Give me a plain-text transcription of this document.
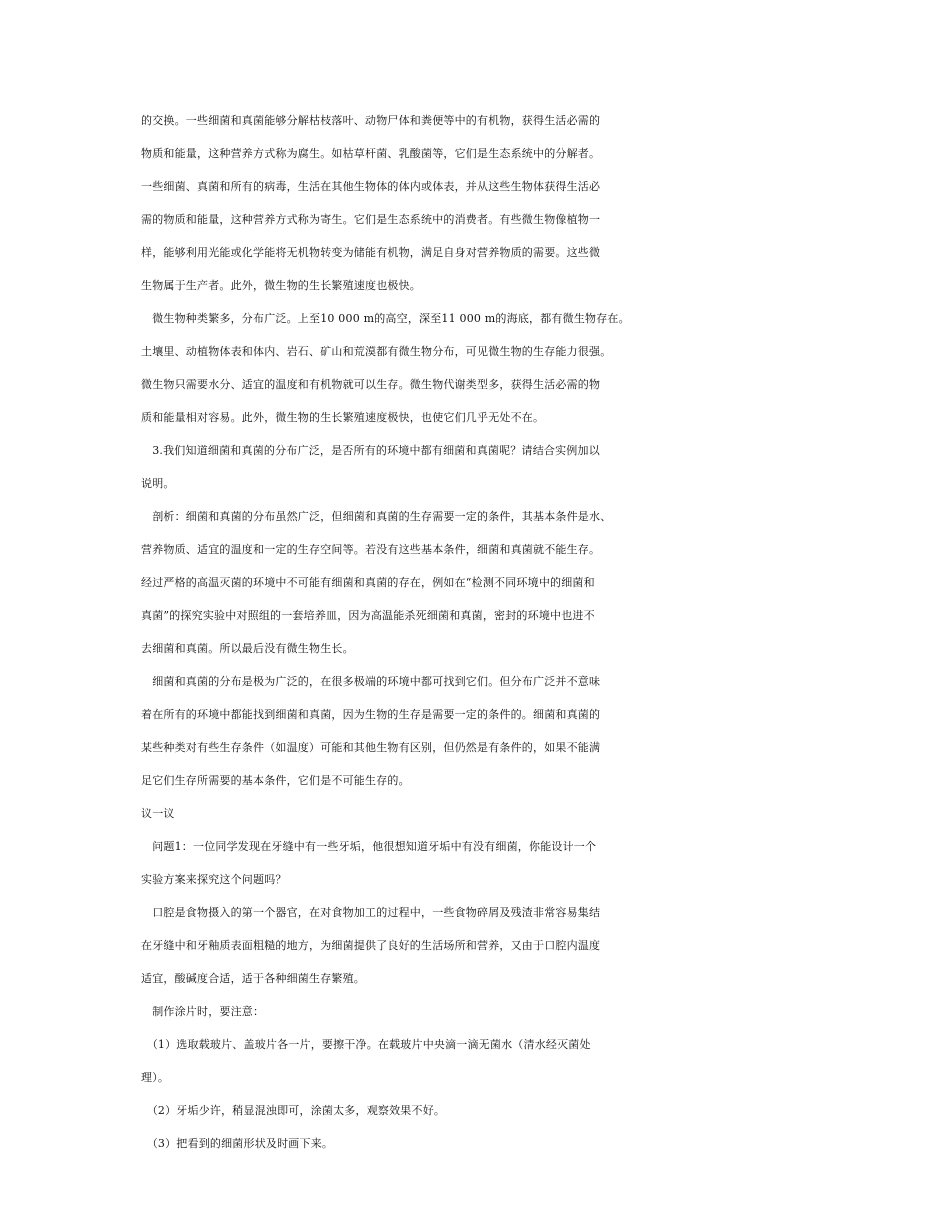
的交换。一些细菌和真菌能够分解枯枝落叶、动物尸体和粪便等中的有机物，获得生活必需的
物质和能量，这种营养方式称为腐生。如枯草杆菌、乳酸菌等，它们是生态系统中的分解者。
一些细菌、真菌和所有的病毒，生活在其他生物体的体内或体表，并从这些生物体获得生活必
需的物质和能量，这种营养方式称为寄生。它们是生态系统中的消费者。有些微生物像植物一
样，能够利用光能或化学能将无机物转变为储能有机物，满足自身对营养物质的需要。这些微
生物属于生产者。此外，微生物的生长繁殖速度也极快。
　微生物种类繁多，分布广泛。上至10 000 m的高空，深至11 000 m的海底，都有微生物存在。
土壤里、动植物体表和体内、岩石、矿山和荒漠都有微生物分布，可见微生物的生存能力很强。
微生物只需要水分、适宜的温度和有机物就可以生存。微生物代谢类型多，获得生活必需的物
质和能量相对容易。此外，微生物的生长繁殖速度极快，也使它们几乎无处不在。
　3.我们知道细菌和真菌的分布广泛，是否所有的环境中都有细菌和真菌呢？请结合实例加以
说明。
　剖析：细菌和真菌的分布虽然广泛，但细菌和真菌的生存需要一定的条件，其基本条件是水、
营养物质、适宜的温度和一定的生存空间等。若没有这些基本条件，细菌和真菌就不能生存。
经过严格的高温灭菌的环境中不可能有细菌和真菌的存在，例如在“检测不同环境中的细菌和
真菌”的探究实验中对照组的一套培养皿，因为高温能杀死细菌和真菌，密封的环境中也进不
去细菌和真菌。所以最后没有微生物生长。
　细菌和真菌的分布是极为广泛的，在很多极端的环境中都可找到它们。但分布广泛并不意味
着在所有的环境中都能找到细菌和真菌，因为生物的生存是需要一定的条件的。细菌和真菌的
某些种类对有些生存条件（如温度）可能和其他生物有区别，但仍然是有条件的，如果不能满
足它们生存所需要的基本条件，它们是不可能生存的。
议一议
　问题1：一位同学发现在牙缝中有一些牙垢，他很想知道牙垢中有没有细菌，你能设计一个
实验方案来探究这个问题吗？
　口腔是食物摄入的第一个器官，在对食物加工的过程中，一些食物碎屑及残渣非常容易集结
在牙缝中和牙釉质表面粗糙的地方，为细菌提供了良好的生活场所和营养，又由于口腔内温度
适宜，酸碱度合适，适于各种细菌生存繁殖。
　制作涂片时，要注意：
　（1）选取载玻片、盖玻片各一片，要擦干净。在载玻片中央滴一滴无菌水（清水经灭菌处
理）。
　（2）牙垢少许，稍显混浊即可，涂菌太多，观察效果不好。
　（3）把看到的细菌形状及时画下来。
